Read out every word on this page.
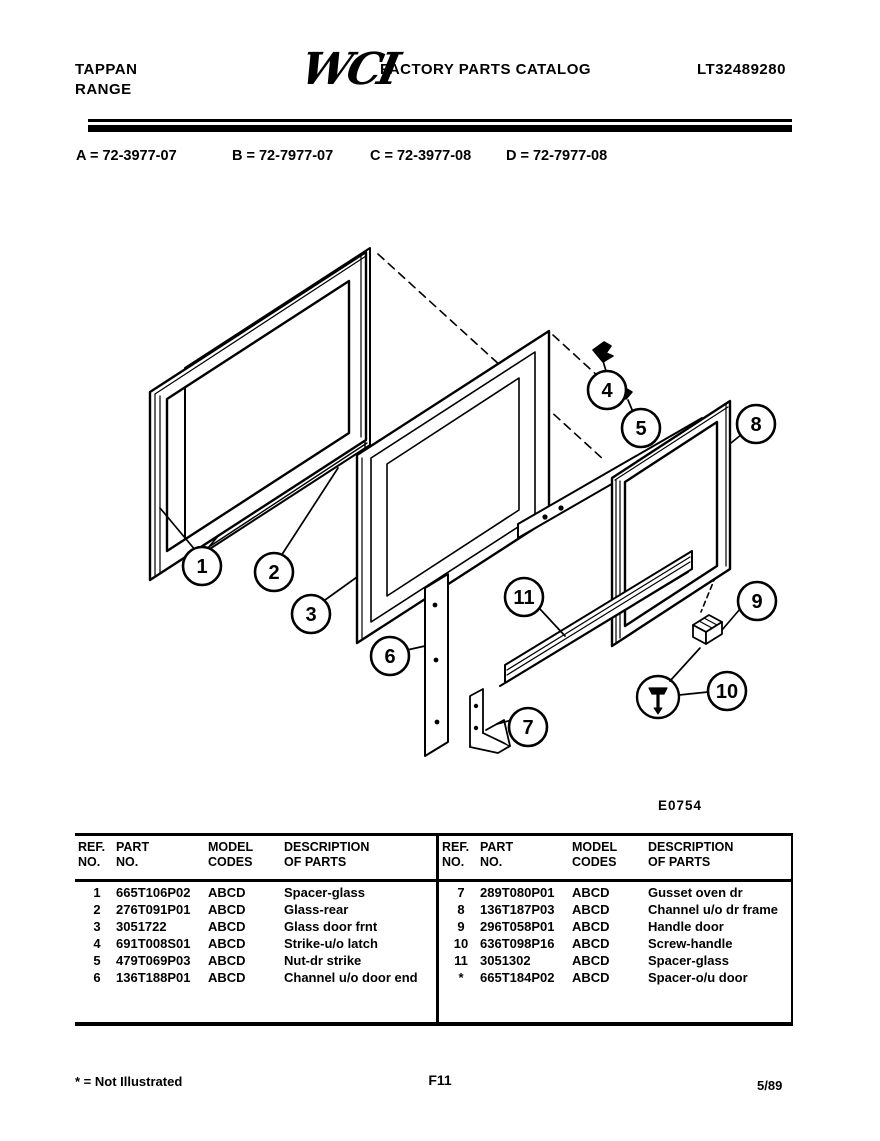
TAPPAN
RANGE	WCI
FACTORY PARTS CATALOG	LT32489280
A = 72-3977-07	B = 72-7977-07	C = 72-3977-08 D = 72-7977-08
1	2
3
4
5
6
7
8
9
10
11
E0754
REF.
NO.
PART
NO.
MODEL
CODES
DESCRIPTION
OF PARTS
1	665T106P02	ABCD	Spacer-glass
2	276T091P01	ABCD	Glass-rear
3	3051722	ABCD	Glass door frnt
4	691T008S01	ABCD	Strike-u/o latch
5	479T069P03	ABCD	Nut-dr strike
6	136T188P01	ABCD	Channel u/o door end
REF.
NO.
PART
NO.
MODEL
CODES
DESCRIPTION
OF PARTS
7	289T080P01	ABCD	Gusset oven dr
8	136T187P03	ABCD	Channel u/o dr frame
9	296T058P01	ABCD	Handle door
10 636T098P16	ABCD	Screw-handle
11 3051302	ABCD	Spacer-glass
*	665T184P02	ABCD	Spacer-o/u door
* = Not Illustrated	F11	5/89
